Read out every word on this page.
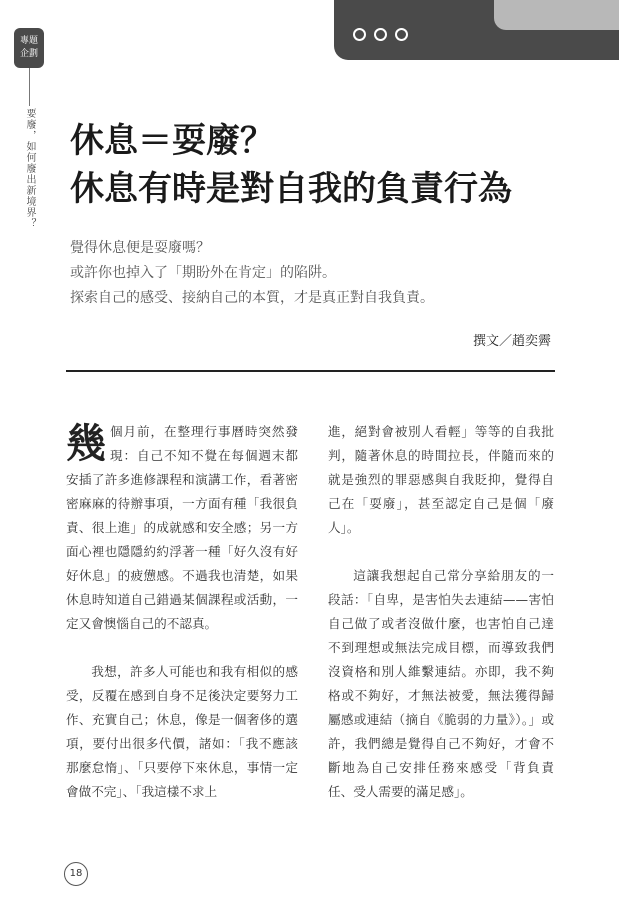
專題
企劃
要廢，如何廢出新境界？ 休息＝耍廢？
休息有時是對自我的負責行為
覺得休息便是耍廢嗎？
或許你也掉入了「期盼外在肯定」的陷阱。
探索自己的感受、接納自己的本質，才是真正對自我負責。
撰文／趙奕霽

幾個月前，在整理行事曆時突然發現：自己不知不覺在每個週末都安插了許多進修課程和演講工作，看著密密麻麻的待辦事項，一方面有種「我很負責、很上進」的成就感和安全感；另一方面心裡也隱隱約約浮著一種「好久沒有好好休息」的疲憊感。不過我也清楚，如果休息時知道自己錯過某個課程或活動，一定又會懊惱自己的不認真。

我想，許多人可能也和我有相似的感受，反覆在感到自身不足後決定要努力工作、充實自己；休息，像是一個奢侈的選項，要付出很多代價，諸如：「我不應該那麼怠惰」、「只要停下來休息，事情一定會做不完」、「我這樣不求上

進，絕對會被別人看輕」等等的自我批判，隨著休息的時間拉長，伴隨而來的就是強烈的罪惡感與自我貶抑，覺得自己在「耍廢」，甚至認定自己是個「廢人」。

這讓我想起自己常分享給朋友的一段話：「自卑，是害怕失去連結——害怕自己做了或者沒做什麼，也害怕自己達不到理想或無法完成目標，而導致我們沒資格和別人維繫連結。亦即，我不夠格或不夠好，才無法被愛，無法獲得歸屬感或連結（摘自《脆弱的力量》）。」或許，我們總是覺得自己不夠好，才會不斷地為自己安排任務來感受「背負責任、受人需要的滿足感」。

18
